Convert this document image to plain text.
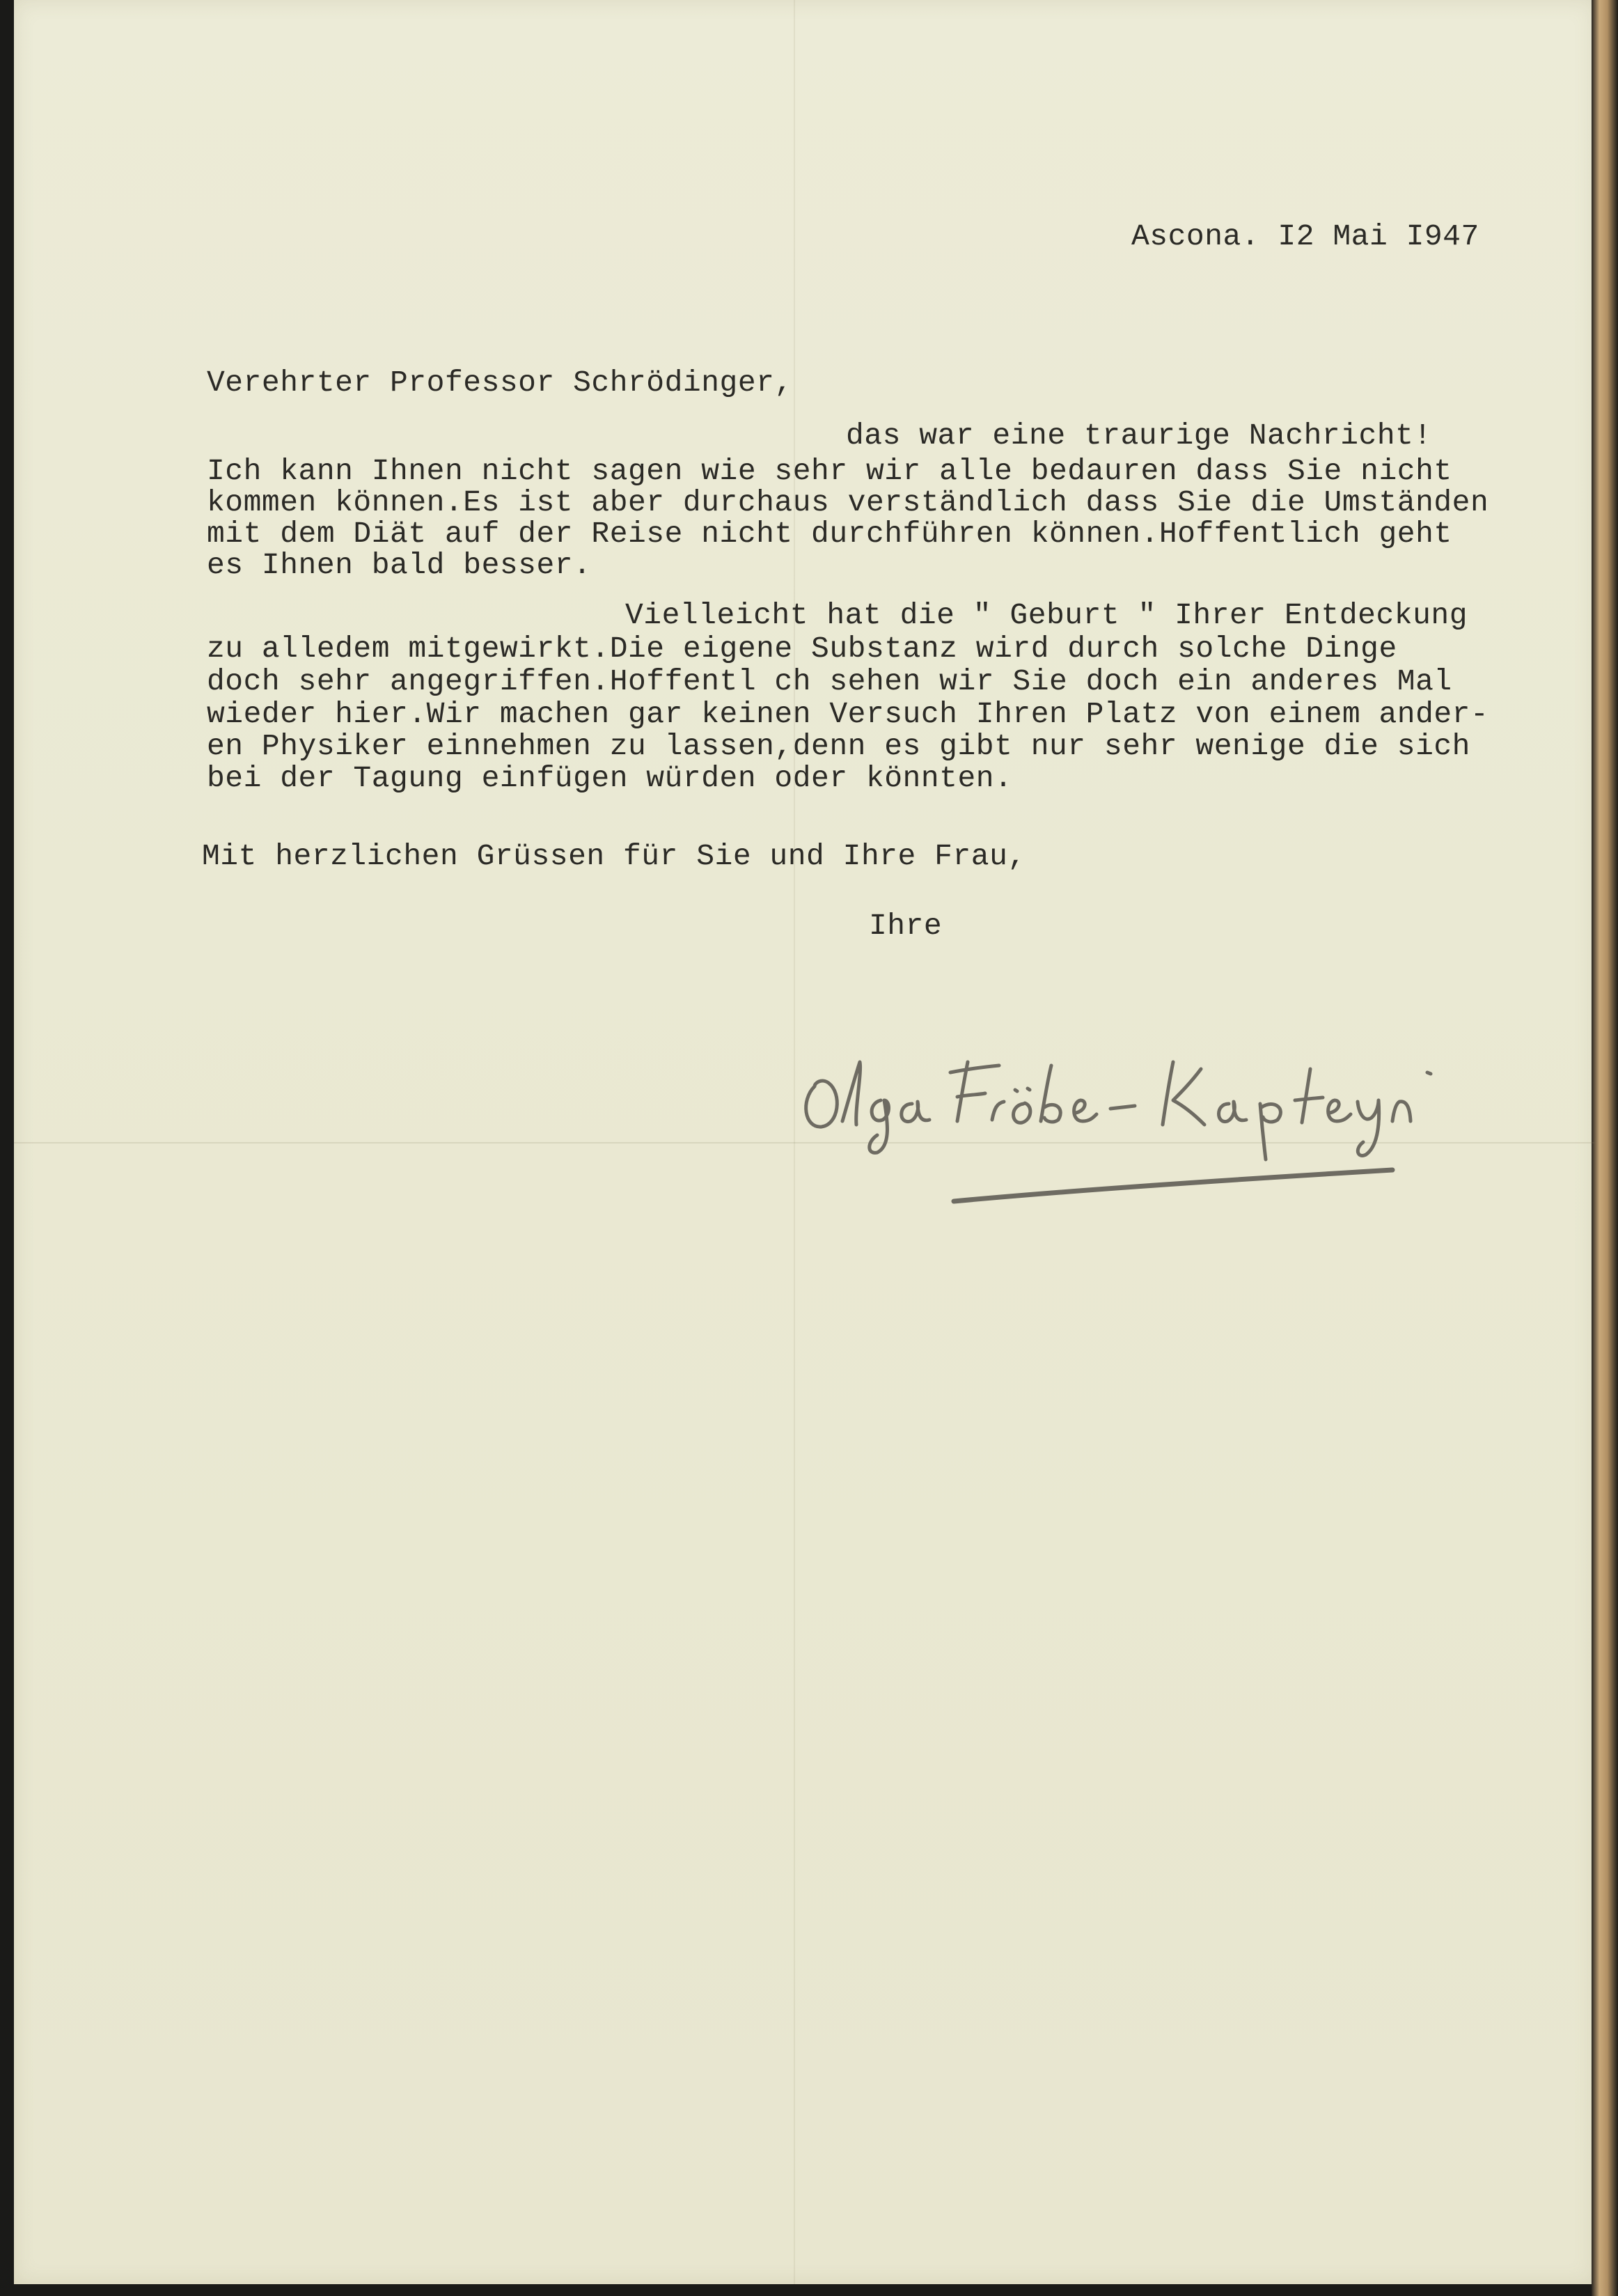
Ascona. I2 Mai I947
Verehrter Professor Schrödinger,
das war eine traurige Nachricht!
Ich kann Ihnen nicht sagen wie sehr wir alle bedauren dass Sie nicht
kommen können.Es ist aber durchaus verständlich dass Sie die Umständen
mit dem Diät auf der Reise nicht durchführen können.Hoffentlich geht
es Ihnen bald besser.
Vielleicht hat die " Geburt " Ihrer Entdeckung
zu alledem mitgewirkt.Die eigene Substanz wird durch solche Dinge
doch sehr angegriffen.Hoffentl ch sehen wir Sie doch ein anderes Mal
wieder hier.Wir machen gar keinen Versuch Ihren Platz von einem ander-
en Physiker einnehmen zu lassen,denn es gibt nur sehr wenige die sich
bei der Tagung einfügen würden oder könnten.
Mit herzlichen Grüssen für Sie und Ihre Frau,
Ihre
